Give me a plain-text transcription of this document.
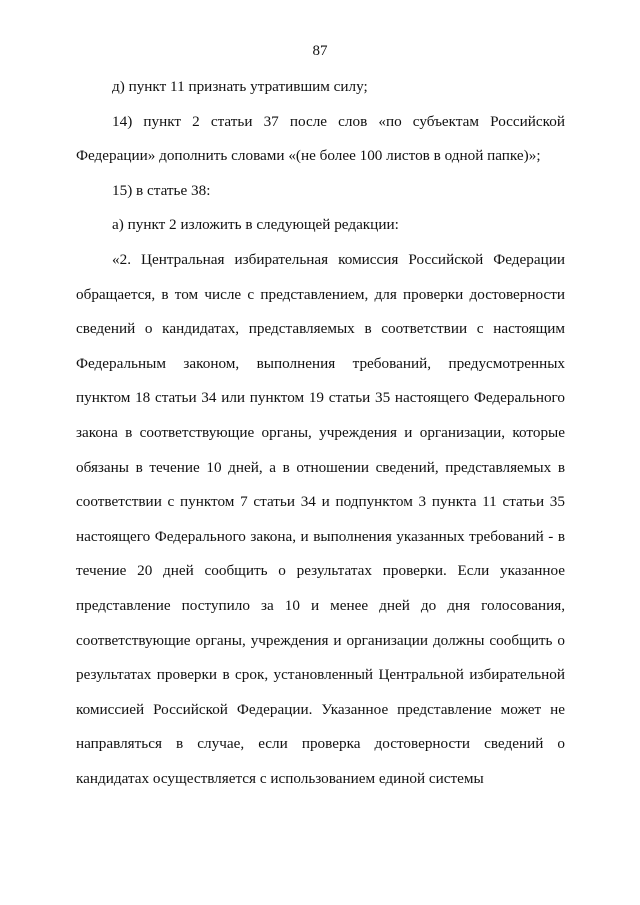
87

д) пункт 11 признать утратившим силу;

14) пункт 2 статьи 37 после слов «по субъектам Российской Федерации» дополнить словами «(не более 100 листов в одной папке)»;

15) в статье 38:

а) пункт 2 изложить в следующей редакции:

«2. Центральная избирательная комиссия Российской Федерации обращается, в том числе с представлением, для проверки достоверности сведений о кандидатах, представляемых в соответствии с настоящим Федеральным законом, выполнения требований, предусмотренных пунктом 18 статьи 34 или пунктом 19 статьи 35 настоящего Федерального закона в соответствующие органы, учреждения и организации, которые обязаны в течение 10 дней, а в отношении сведений, представляемых в соответствии с пунктом 7 статьи 34 и подпунктом 3 пункта 11 статьи 35 настоящего Федерального закона, и выполнения указанных требований - в течение 20 дней сообщить о результатах проверки. Если указанное представление поступило за 10 и менее дней до дня голосования, соответствующие органы, учреждения и организации должны сообщить о результатах проверки в срок, установленный Центральной избирательной комиссией Российской Федерации. Указанное представление может не направляться в случае, если проверка достоверности сведений о кандидатах осуществляется с использованием единой системы
